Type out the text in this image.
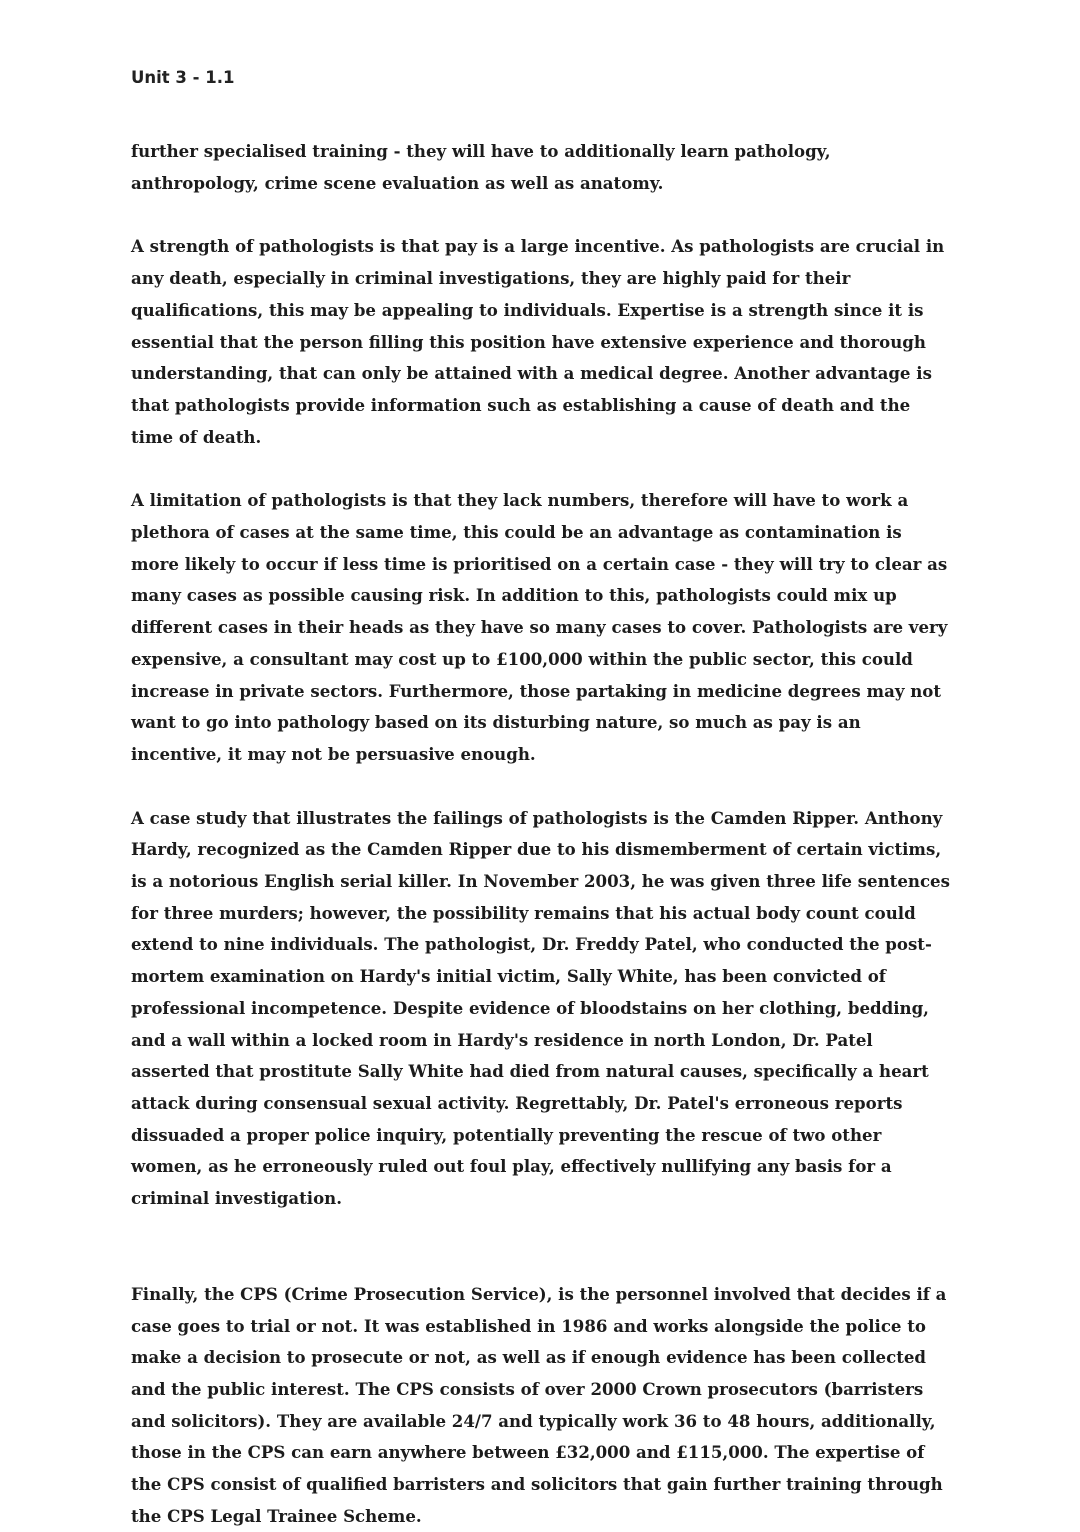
Unit 3 - 1.1

further specialised training - they will have to additionally learn pathology, anthropology, crime scene evaluation as well as anatomy.

A strength of pathologists is that pay is a large incentive. As pathologists are crucial in any death, especially in criminal investigations, they are highly paid for their qualifications, this may be appealing to individuals. Expertise is a strength since it is essential that the person filling this position have extensive experience and thorough understanding, that can only be attained with a medical degree. Another advantage is that pathologists provide information such as establishing a cause of death and the time of death.

A limitation of pathologists is that they lack numbers, therefore will have to work a plethora of cases at the same time, this could be an advantage as contamination is more likely to occur if less time is prioritised on a certain case - they will try to clear as many cases as possible causing risk. In addition to this, pathologists could mix up different cases in their heads as they have so many cases to cover. Pathologists are very expensive, a consultant may cost up to £100,000 within the public sector, this could increase in private sectors. Furthermore, those partaking in medicine degrees may not want to go into pathology based on its disturbing nature, so much as pay is an incentive, it may not be persuasive enough.

A case study that illustrates the failings of pathologists is the Camden Ripper. Anthony Hardy, recognized as the Camden Ripper due to his dismemberment of certain victims, is a notorious English serial killer. In November 2003, he was given three life sentences for three murders; however, the possibility remains that his actual body count could extend to nine individuals. The pathologist, Dr. Freddy Patel, who conducted the post-mortem examination on Hardy's initial victim, Sally White, has been convicted of professional incompetence. Despite evidence of bloodstains on her clothing, bedding, and a wall within a locked room in Hardy's residence in north London, Dr. Patel asserted that prostitute Sally White had died from natural causes, specifically a heart attack during consensual sexual activity. Regrettably, Dr. Patel's erroneous reports dissuaded a proper police inquiry, potentially preventing the rescue of two other women, as he erroneously ruled out foul play, effectively nullifying any basis for a criminal investigation.

Finally, the CPS (Crime Prosecution Service), is the personnel involved that decides if a case goes to trial or not. It was established in 1986 and works alongside the police to make a decision to prosecute or not, as well as if enough evidence has been collected and the public interest. The CPS consists of over 2000 Crown prosecutors (barristers and solicitors). They are available 24/7 and typically work 36 to 48 hours, additionally, those in the CPS can earn anywhere between £32,000 and £115,000. The expertise of the CPS consist of qualified barristers and solicitors that gain further training through the CPS Legal Trainee Scheme.
